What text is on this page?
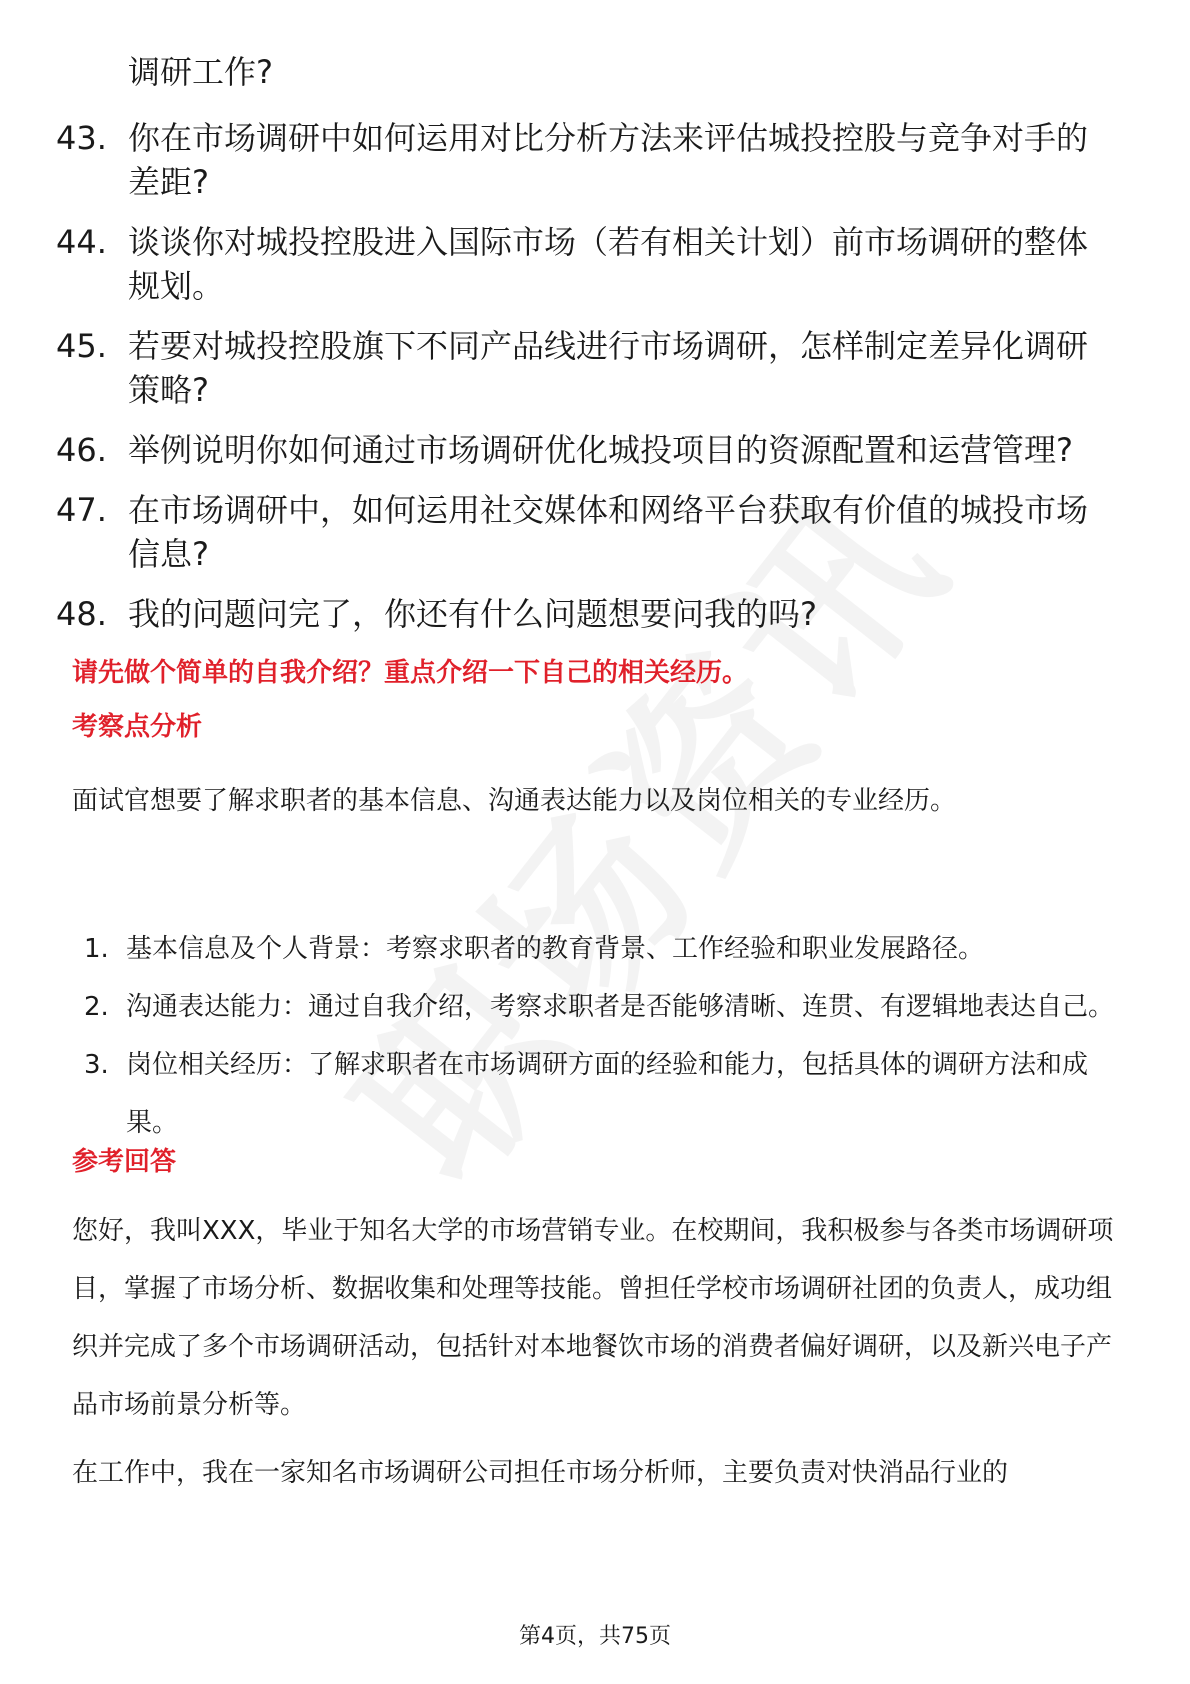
调研工作?
43. 你在市场调研中如何运用对比分析方法来评估城投控股与竞争对手的差距?
44. 谈谈你对城投控股进入国际市场（若有相关计划）前市场调研的整体规划。
45. 若要对城投控股旗下不同产品线进行市场调研，怎样制定差异化调研策略?
46. 举例说明你如何通过市场调研优化城投项目的资源配置和运营管理?
47. 在市场调研中，如何运用社交媒体和网络平台获取有价值的城投市场信息?
48. 我的问题问完了，你还有什么问题想要问我的吗?
请先做个简单的自我介绍？重点介绍一下自己的相关经历。
考察点分析
面试官想要了解求职者的基本信息、沟通表达能力以及岗位相关的专业经历。
1. 基本信息及个人背景：考察求职者的教育背景、工作经验和职业发展路径。
2. 沟通表达能力：通过自我介绍，考察求职者是否能够清晰、连贯、有逻辑地表达自己。
3. 岗位相关经历：了解求职者在市场调研方面的经验和能力，包括具体的调研方法和成果。
参考回答
您好，我叫XXX，毕业于知名大学的市场营销专业。在校期间，我积极参与各类市场调研项目，掌握了市场分析、数据收集和处理等技能。曾担任学校市场调研社团的负责人，成功组织并完成了多个市场调研活动，包括针对本地餐饮市场的消费者偏好调研，以及新兴电子产品市场前景分析等。
在工作中，我在一家知名市场调研公司担任市场分析师，主要负责对快消品行业的
第4页，共75页
